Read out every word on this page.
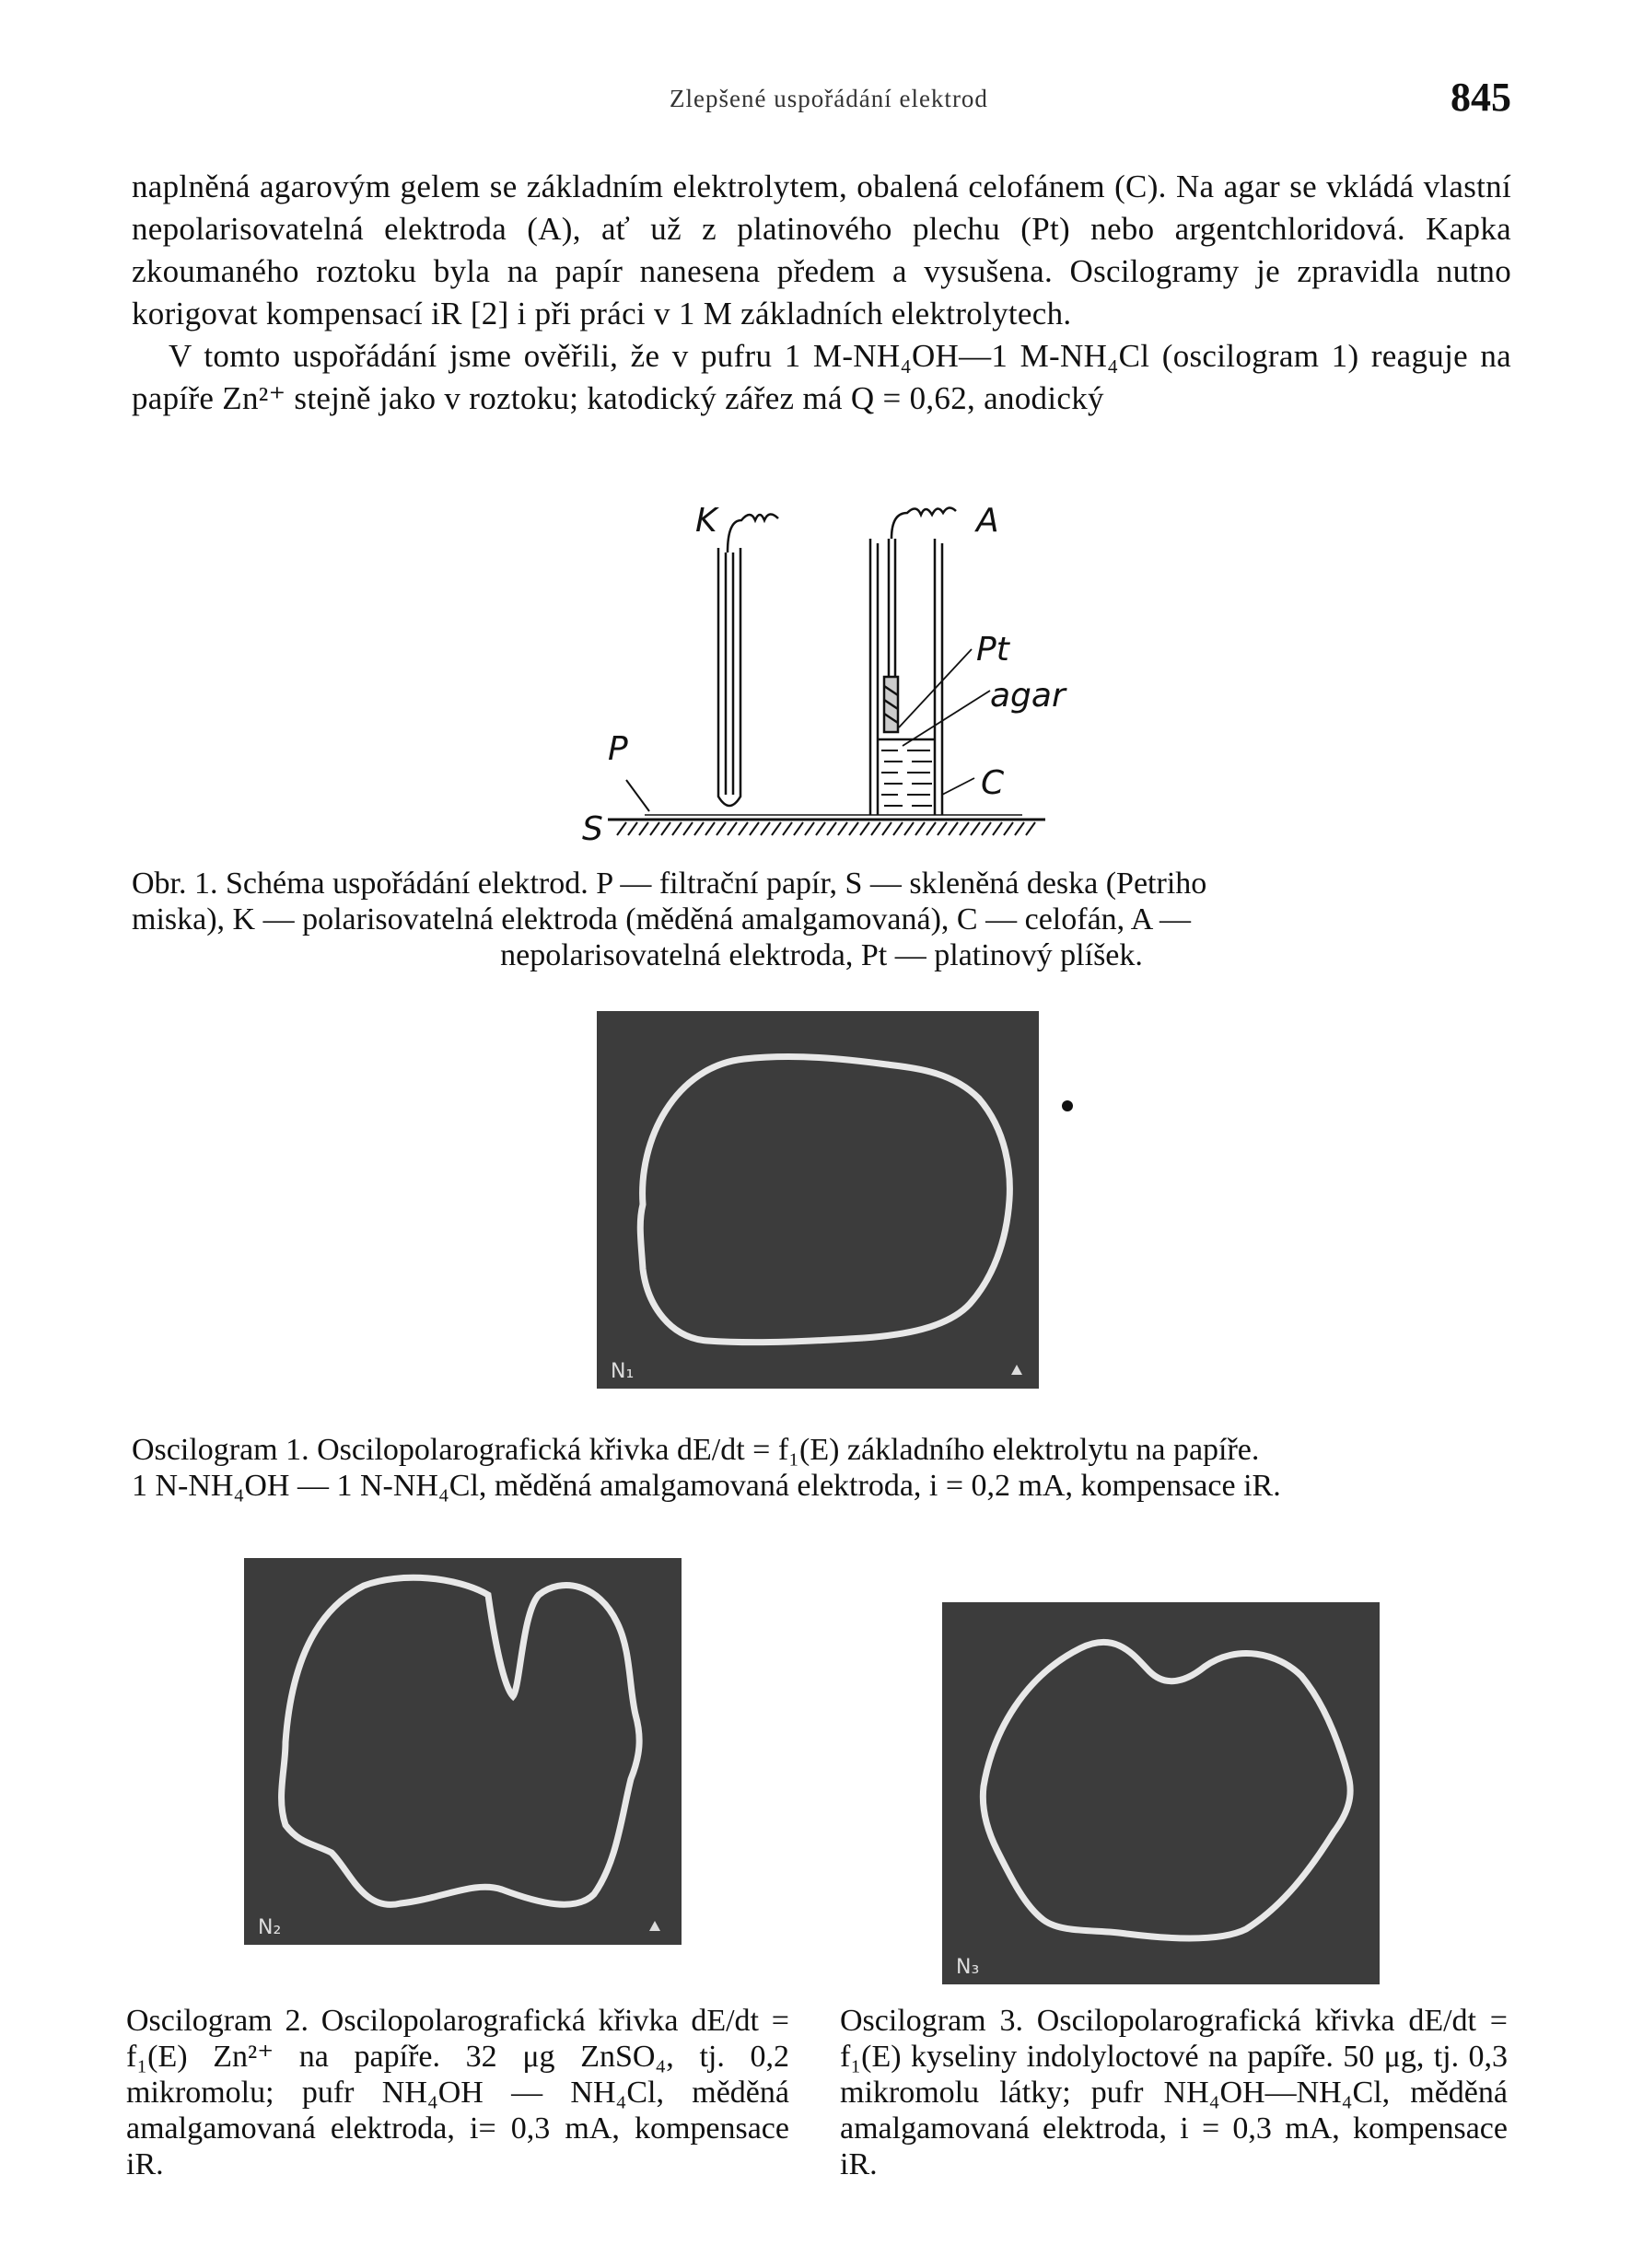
Zlepšené uspořádání elektrod	845

naplněná agarovým gelem se základním elektrolytem, obalená celofánem (C). Na agar se vkládá vlastní nepolarisovatelná elektroda (A), ať už z platinového plechu (Pt) nebo argentchloridová. Kapka zkoumaného roztoku byla na papír nanesena předem a vysušena. Oscilogramy je zpravidla nutno korigovat kompensací iR [2] i při práci v 1 M základních elektrolytech.

V tomto uspořádání jsme ověřili, že v pufru 1 M-NH₄OH—1 M-NH₄Cl (oscilogram 1) reaguje na papíře Zn²⁺ stejně jako v roztoku; katodický zářez má Q = 0,62, anodický

K	A
Pt
agar
P
C
S
Obr. 1. Schéma uspořádání elektrod. P — filtrační papír, S — skleněná deska (Petriho
miska), K — polarisovatelná elektroda (měděná amalgamovaná), C — celofán, A —
nepolarisovatelná elektroda, Pt — platinový plíšek.
N₁
Oscilogram 1. Oscilopolarografická křivka dE/dt = f₁(E) základního elektrolytu na papíře.
1 N-NH₄OH — 1 N-NH₄Cl, měděná amalgamovaná elektroda, i = 0,2 mA, kompensace iR.
N₂
N₃
Oscilogram 2. Oscilopolarografická křivka dE/dt = f₁(E) Zn²⁺ na papíře. 32 μg ZnSO₄, tj. 0,2 mikromolu; pufr NH₄OH — NH₄Cl, měděná amalgamovaná elektroda, i= 0,3 mA, kompensace iR.
Oscilogram 3. Oscilopolarografická křivka dE/dt = f₁(E) kyseliny indolyloctové na papíře. 50 μg, tj. 0,3 mikromolu látky; pufr NH₄OH—NH₄Cl, měděná amalgamovaná elektroda, i = 0,3 mA, kompensace iR.
